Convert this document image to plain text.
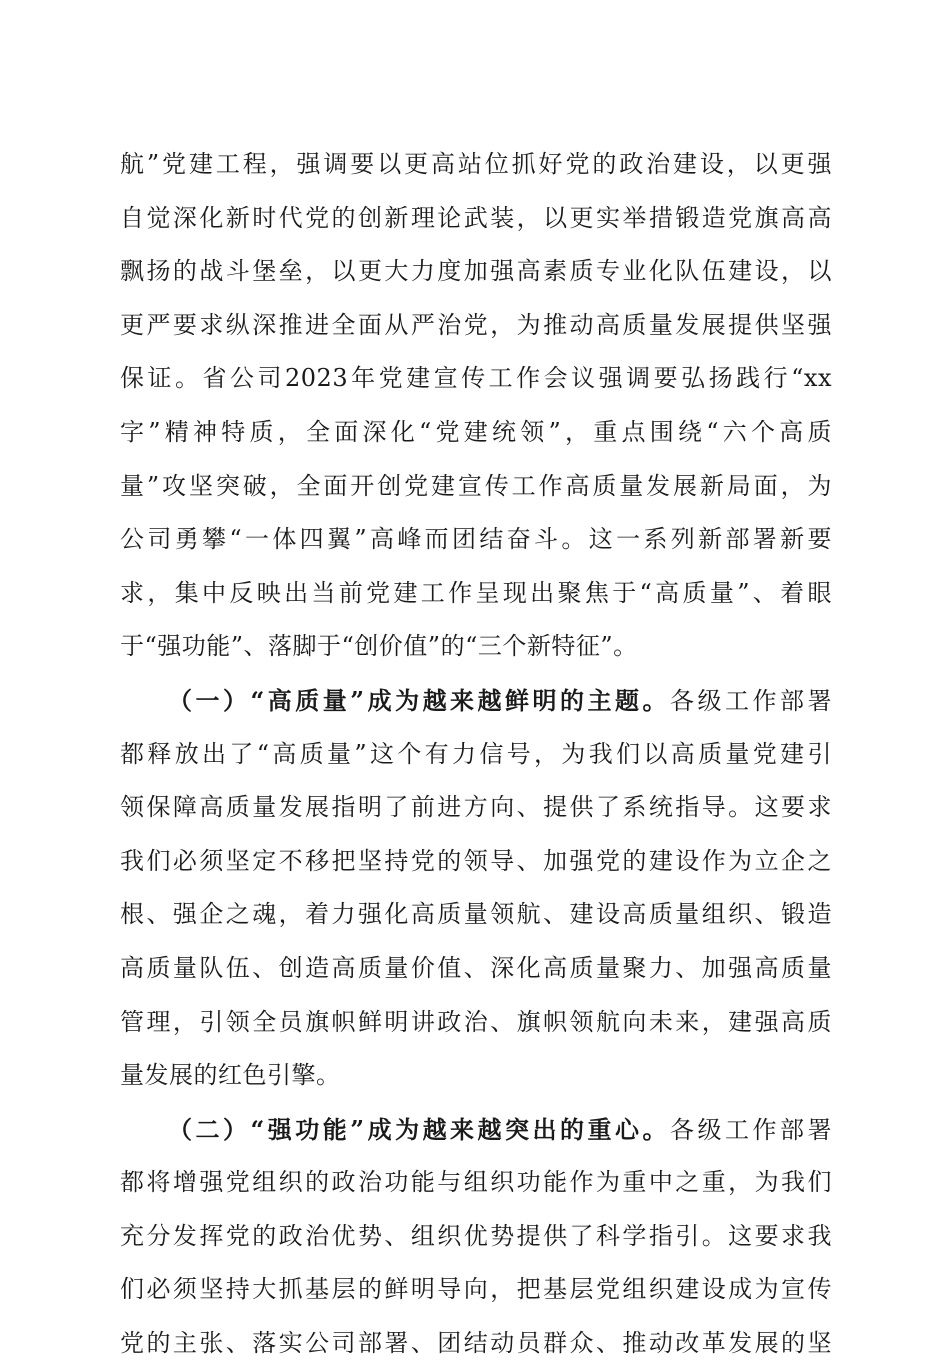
航”党建工程，强调要以更高站位抓好党的政治建设，以更强
自觉深化新时代党的创新理论武装，以更实举措锻造党旗高高
飘扬的战斗堡垒，以更大力度加强高素质专业化队伍建设，以
更严要求纵深推进全面从严治党，为推动高质量发展提供坚强
保证。省公司2023年党建宣传工作会议强调要弘扬践行“xx
字”精神特质，全面深化“党建统领”，重点围绕“六个高质
量”攻坚突破，全面开创党建宣传工作高质量发展新局面，为
公司勇攀“一体四翼”高峰而团结奋斗。这一系列新部署新要
求，集中反映出当前党建工作呈现出聚焦于“高质量”、着眼
于“强功能”、落脚于“创价值”的“三个新特征”。
（一）“高质量”成为越来越鲜明的主题。各级工作部署
都释放出了“高质量”这个有力信号，为我们以高质量党建引
领保障高质量发展指明了前进方向、提供了系统指导。这要求
我们必须坚定不移把坚持党的领导、加强党的建设作为立企之
根、强企之魂，着力强化高质量领航、建设高质量组织、锻造
高质量队伍、创造高质量价值、深化高质量聚力、加强高质量
管理，引领全员旗帜鲜明讲政治、旗帜领航向未来，建强高质
量发展的红色引擎。
（二）“强功能”成为越来越突出的重心。各级工作部署
都将增强党组织的政治功能与组织功能作为重中之重，为我们
充分发挥党的政治优势、组织优势提供了科学指引。这要求我
们必须坚持大抓基层的鲜明导向，把基层党组织建设成为宣传
党的主张、落实公司部署、团结动员群众、推动改革发展的坚
